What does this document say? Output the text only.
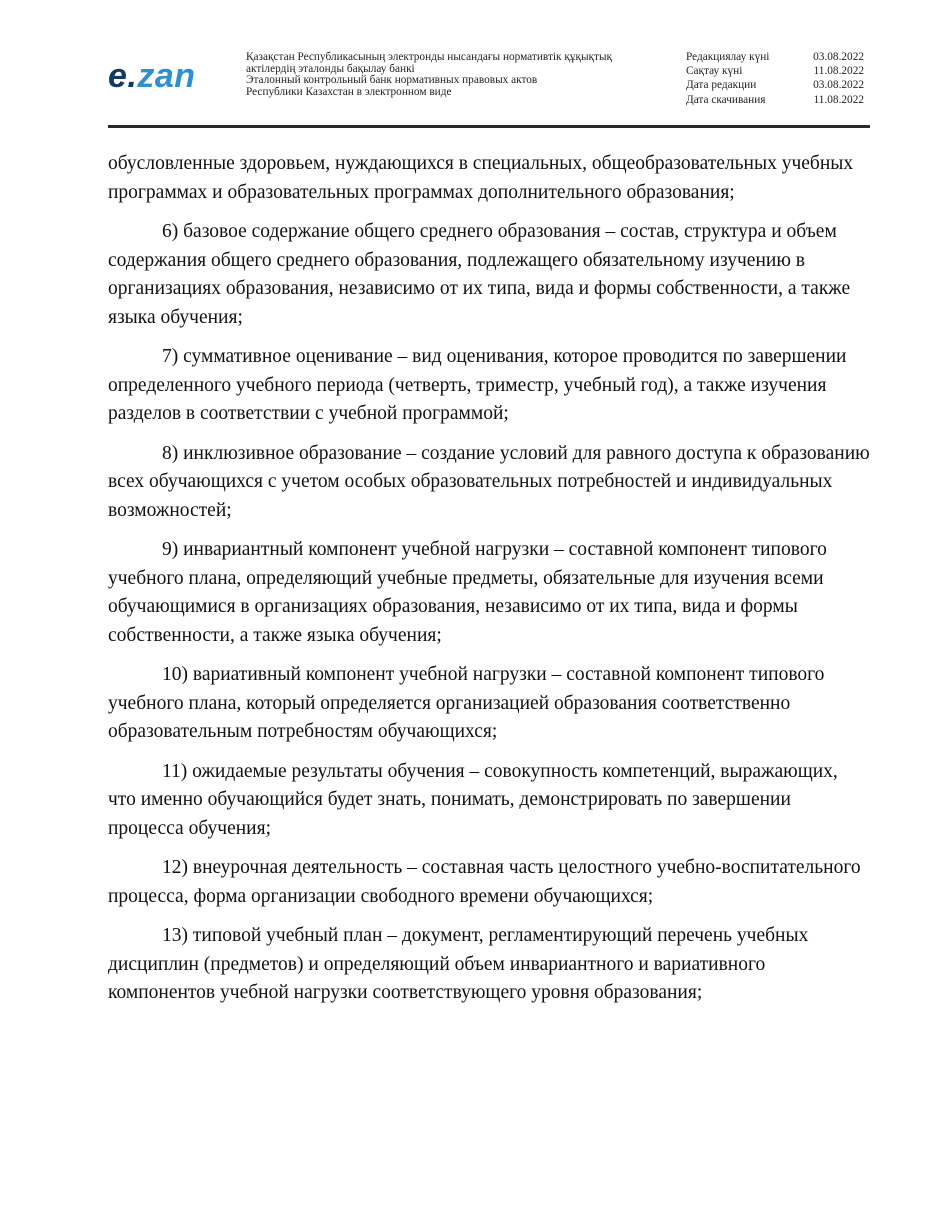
e.zan	Қазақстан Республикасының электронды нысандағы нормативтік құқықтық
актілердің эталонды бақылау банкі
Эталонный контрольный банк нормативных правовых актов
Республики Казахстан в электронном виде
Редакциялау күні	03.08.2022
Сақтау күні	11.08.2022
Дата редакции	03.08.2022
Дата скачивания	11.08.2022

обусловленные здоровьем, нуждающихся в специальных, общеобразовательных учебных программах и образовательных программах дополнительного образования;

6) базовое содержание общего среднего образования – состав, структура и объем содержания общего среднего образования, подлежащего обязательному изучению в организациях образования, независимо от их типа, вида и формы собственности, а также языка обучения;

7) суммативное оценивание – вид оценивания, которое проводится по завершении определенного учебного периода (четверть, триместр, учебный год), а также изучения разделов в соответствии с учебной программой;

8) инклюзивное образование – создание условий для равного доступа к образованию всех обучающихся с учетом особых образовательных потребностей и индивидуальных возможностей;

9) инвариантный компонент учебной нагрузки – составной компонент типового учебного плана, определяющий учебные предметы, обязательные для изучения всеми обучающимися в организациях образования, независимо от их типа, вида и формы собственности, а также языка обучения;

10) вариативный компонент учебной нагрузки – составной компонент типового учебного плана, который определяется организацией образования соответственно образовательным потребностям обучающихся;

11) ожидаемые результаты обучения – совокупность компетенций, выражающих, что именно обучающийся будет знать, понимать, демонстрировать по завершении процесса обучения;

12) внеурочная деятельность – составная часть целостного учебно-воспитательного процесса, форма организации свободного времени обучающихся;

13) типовой учебный план – документ, регламентирующий перечень учебных дисциплин (предметов) и определяющий объем инвариантного и вариативного компонентов учебной нагрузки соответствующего уровня образования;
